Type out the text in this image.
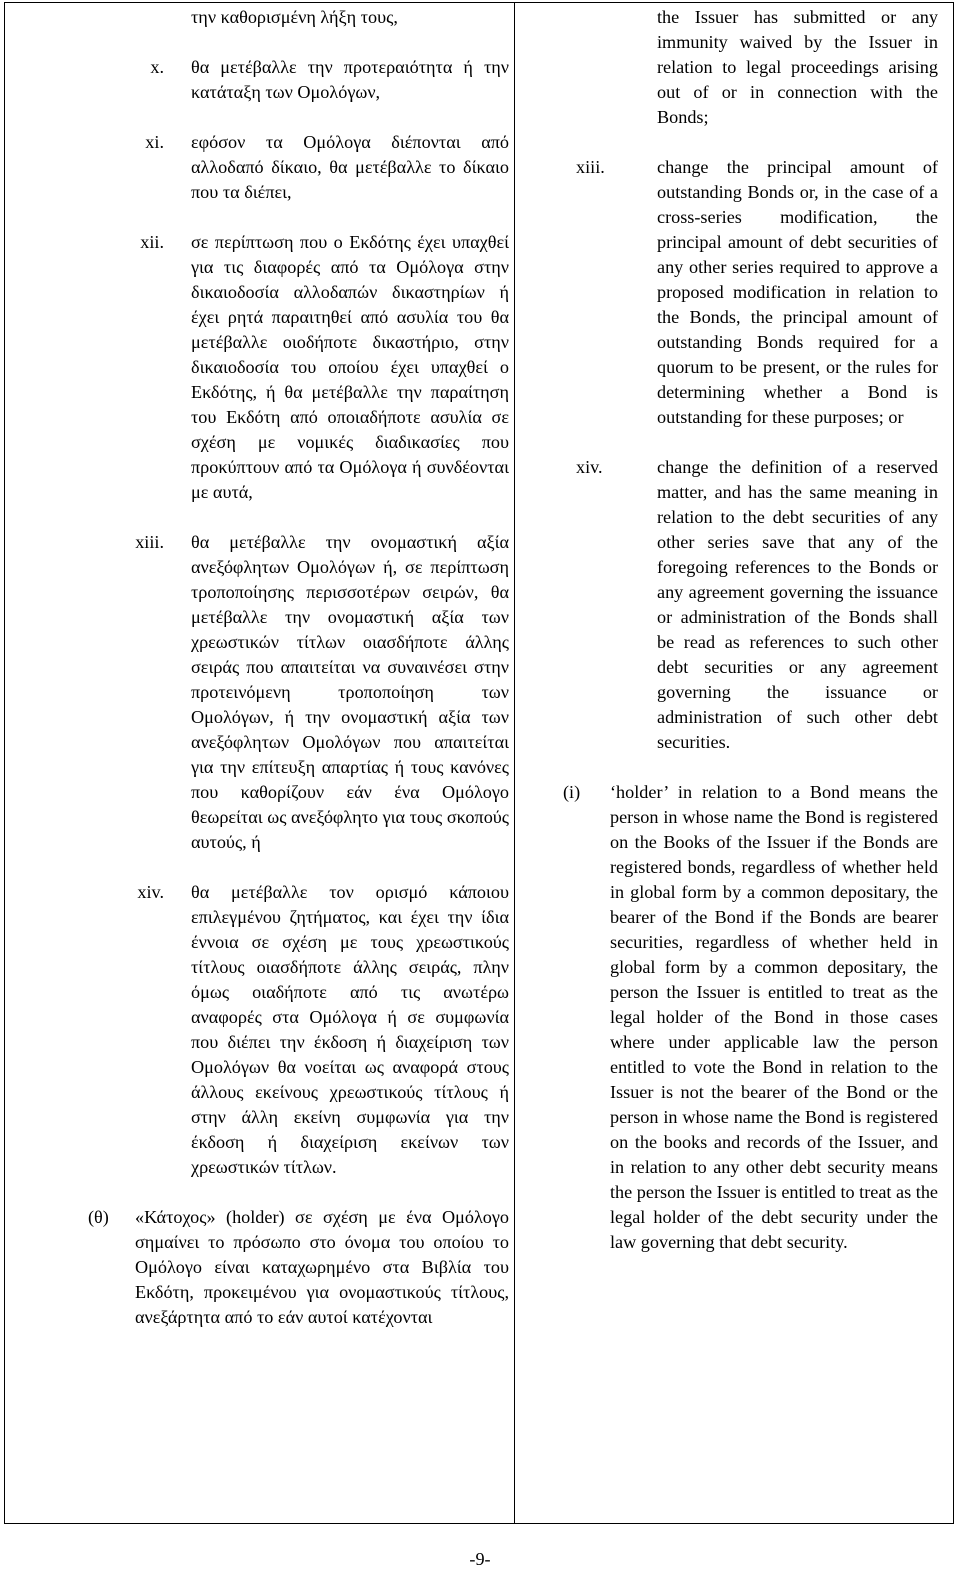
την καθορισμένη λήξη τους,
x. θα μετέβαλλε την προτεραιότητα ή την κατάταξη των Ομολόγων,
xi. εφόσον τα Ομόλογα διέπονται από αλλοδαπό δίκαιο, θα μετέβαλλε το δίκαιο που τα διέπει,
xii. σε περίπτωση που ο Εκδότης έχει υπαχθεί για τις διαφορές από τα Ομόλογα στην δικαιοδοσία αλλοδαπών δικαστηρίων ή έχει ρητά παραιτηθεί από ασυλία του θα μετέβαλλε οιοδήποτε δικαστήριο, στην δικαιοδοσία του οποίου έχει υπαχθεί ο Εκδότης, ή θα μετέβαλλε την παραίτηση του Εκδότη από οποιαδήποτε ασυλία σε σχέση με νομικές διαδικασίες που προκύπτουν από τα Ομόλογα ή συνδέονται με αυτά,
xiii. θα μετέβαλλε την ονομαστική αξία ανεξόφλητων Ομολόγων ή, σε περίπτωση τροποποίησης περισσοτέρων σειρών, θα μετέβαλλε την ονομαστική αξία των χρεωστικών τίτλων οιασδήποτε άλλης σειράς που απαιτείται να συναινέσει στην προτεινόμενη τροποποίηση των Ομολόγων, ή την ονομαστική αξία των ανεξόφλητων Ομολόγων που απαιτείται για την επίτευξη απαρτίας ή τους κανόνες που καθορίζουν εάν ένα Ομόλογο θεωρείται ως ανεξόφλητο για τους σκοπούς αυτούς, ή
xiv. θα μετέβαλλε τον ορισμό κάποιου επιλεγμένου ζητήματος, και έχει την ίδια έννοια σε σχέση με τους χρεωστικούς τίτλους οιασδήποτε άλλης σειράς, πλην όμως οιαδήποτε από τις ανωτέρω αναφορές στα Ομόλογα ή σε συμφωνία που διέπει την έκδοση ή διαχείριση των Ομολόγων θα νοείται ως αναφορά στους άλλους εκείνους χρεωστικούς τίτλους ή στην άλλη εκείνη συμφωνία για την έκδοση ή διαχείριση εκείνων των χρεωστικών τίτλων.
(θ) «Κάτοχος» (holder) σε σχέση με ένα Ομόλογο σημαίνει το πρόσωπο στο όνομα του οποίου το Ομόλογο είναι καταχωρημένο στα Βιβλία του Εκδότη, προκειμένου για ονομαστικούς τίτλους, ανεξάρτητα από το εάν αυτοί κατέχονται
the Issuer has submitted or any immunity waived by the Issuer in relation to legal proceedings arising out of or in connection with the Bonds;
xiii.	change the principal amount of outstanding Bonds or, in the case of a cross-series modification, the principal amount of debt securities of any other series required to approve a proposed modification in relation to the Bonds, the principal amount of outstanding Bonds required for a quorum to be present, or the rules for determining whether a Bond is outstanding for these purposes; or
xiv.	change the definition of a reserved matter, and has the same meaning in relation to the debt securities of any other series save that any of the foregoing references to the Bonds or any agreement governing the issuance or administration of the Bonds shall be read as references to such other debt securities or any agreement governing the issuance or administration of such other debt securities.
(i)	‘holder’ in relation to a Bond means the person in whose name the Bond is registered on the Books of the Issuer if the Bonds are registered bonds, regardless of whether held in global form by a common depositary, the bearer of the Bond if the Bonds are bearer securities, regardless of whether held in global form by a common depositary, the person the Issuer is entitled to treat as the legal holder of the Bond in those cases where under applicable law the person entitled to vote the Bond in relation to the Issuer is not the bearer of the Bond or the person in whose name the Bond is registered on the books and records of the Issuer, and in relation to any other debt security means the person the Issuer is entitled to treat as the legal holder of the debt security under the law governing that debt security.
-9-
